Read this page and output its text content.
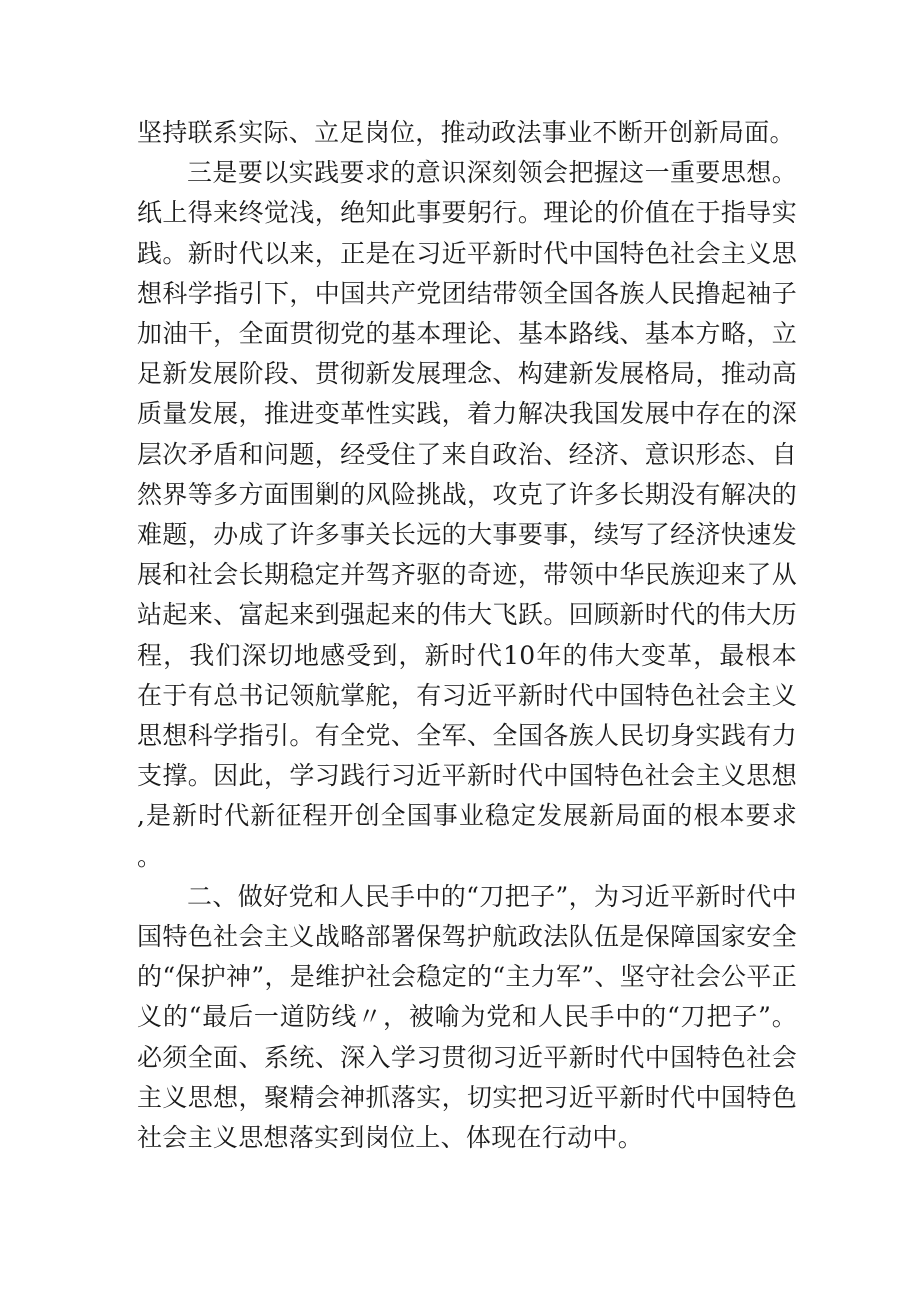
坚持联系实际、立足岗位，推动政法事业不断开创新局面。

三是要以实践要求的意识深刻领会把握这一重要思想。纸上得来终觉浅，绝知此事要躬行。理论的价值在于指导实践。新时代以来，正是在习近平新时代中国特色社会主义思想科学指引下，中国共产党团结带领全国各族人民撸起袖子加油干，全面贯彻党的基本理论、基本路线、基本方略，立足新发展阶段、贯彻新发展理念、构建新发展格局，推动高质量发展，推进变革性实践，着力解决我国发展中存在的深层次矛盾和问题，经受住了来自政治、经济、意识形态、自然界等多方面围剿的风险挑战，攻克了许多长期没有解决的难题，办成了许多事关长远的大事要事，续写了经济快速发展和社会长期稳定并驾齐驱的奇迹，带领中华民族迎来了从站起来、富起来到强起来的伟大飞跃。回顾新时代的伟大历程，我们深切地感受到，新时代10年的伟大变革，最根本在于有总书记领航掌舵，有习近平新时代中国特色社会主义思想科学指引。有全党、全军、全国各族人民切身实践有力支撑。因此，学习践行习近平新时代中国特色社会主义思想,是新时代新征程开创全国事业稳定发展新局面的根本要求。

二、做好党和人民手中的“刀把子”，为习近平新时代中国特色社会主义战略部署保驾护航政法队伍是保障国家安全的“保护神”，是维护社会稳定的“主力军”、坚守社会公平正义的“最后一道防线〃，被喻为党和人民手中的“刀把子”。必须全面、系统、深入学习贯彻习近平新时代中国特色社会主义思想，聚精会神抓落实，切实把习近平新时代中国特色社会主义思想落实到岗位上、体现在行动中。
